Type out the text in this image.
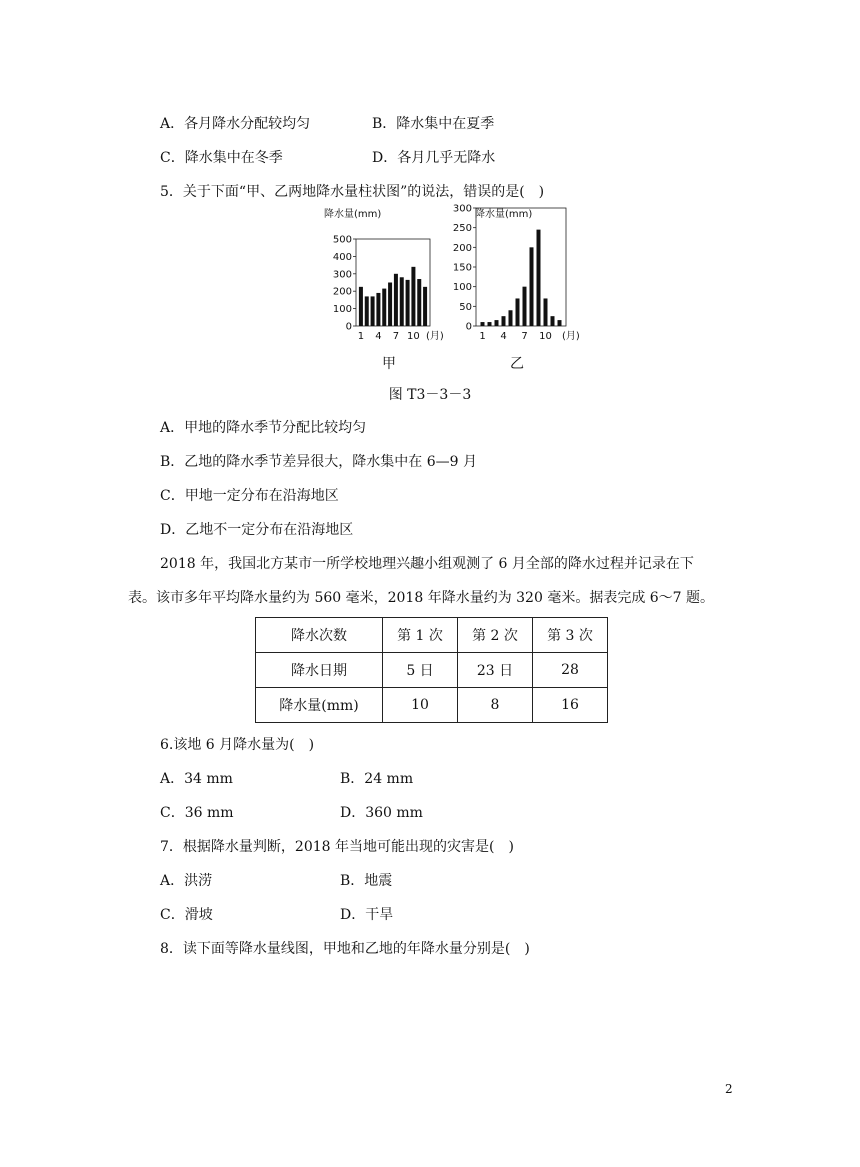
A．各月降水分配较均匀	B．降水集中在夏季
C．降水集中在冬季	D．各月几乎无降水
5．关于下面“甲、乙两地降水量柱状图”的说法，错误的是(　)
降水量(mm)
0
100
200
300
400
500
1 4 7 10 (月)
甲
降水量(mm)
0
50
100
150
200
250
300
1 4 7 10 (月)
乙
图 T3－3－3
A．甲地的降水季节分配比较均匀
B．乙地的降水季节差异很大，降水集中在 6—9 月
C．甲地一定分布在沿海地区
D．乙地不一定分布在沿海地区
2018 年，我国北方某市一所学校地理兴趣小组观测了 6 月全部的降水过程并记录在下
表。该市多年平均降水量约为 560 毫米，2018 年降水量约为 320 毫米。据表完成 6～7 题。
降水次数	第 1 次	第 2 次	第 3 次
降水日期	5 日	23 日	28
降水量(mm)	10	8	16
6.该地 6 月降水量为(　)
A．34 mm	B．24 mm
C．36 mm	D．360 mm
7．根据降水量判断，2018 年当地可能出现的灾害是(　)
A．洪涝	B．地震
C．滑坡	D．干旱
8．读下面等降水量线图，甲地和乙地的年降水量分别是(　)
2
